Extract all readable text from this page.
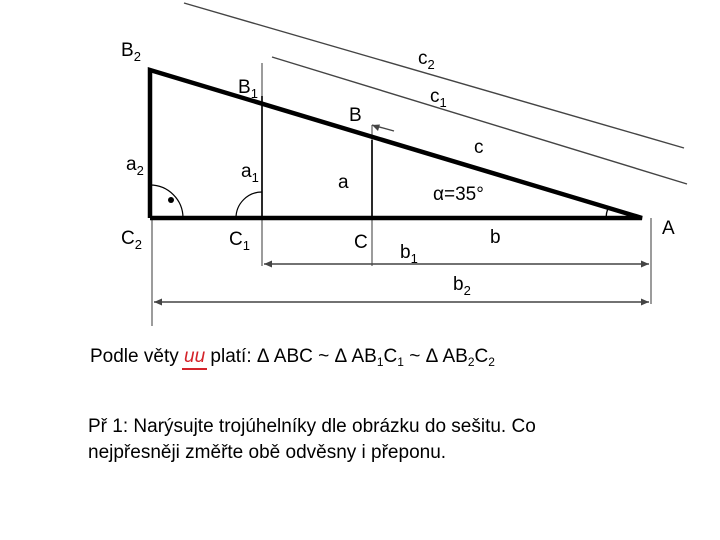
$B_2$
$B_1$
B
$c_2$
$c_1$
c
$a_2$	$a_1$	a
α=35°
$C_2$	$C_1$	C $b_1$
b
$b_2$
A
Podle věty uu platí: Δ ABC ~ Δ $AB_1C_1$ ~ Δ $AB_2C_2$
Př 1: Narýsujte trojúhelníky dle obrázku do sešitu. Co nejpřesněji změřte obě odvěsny i přeponu.
